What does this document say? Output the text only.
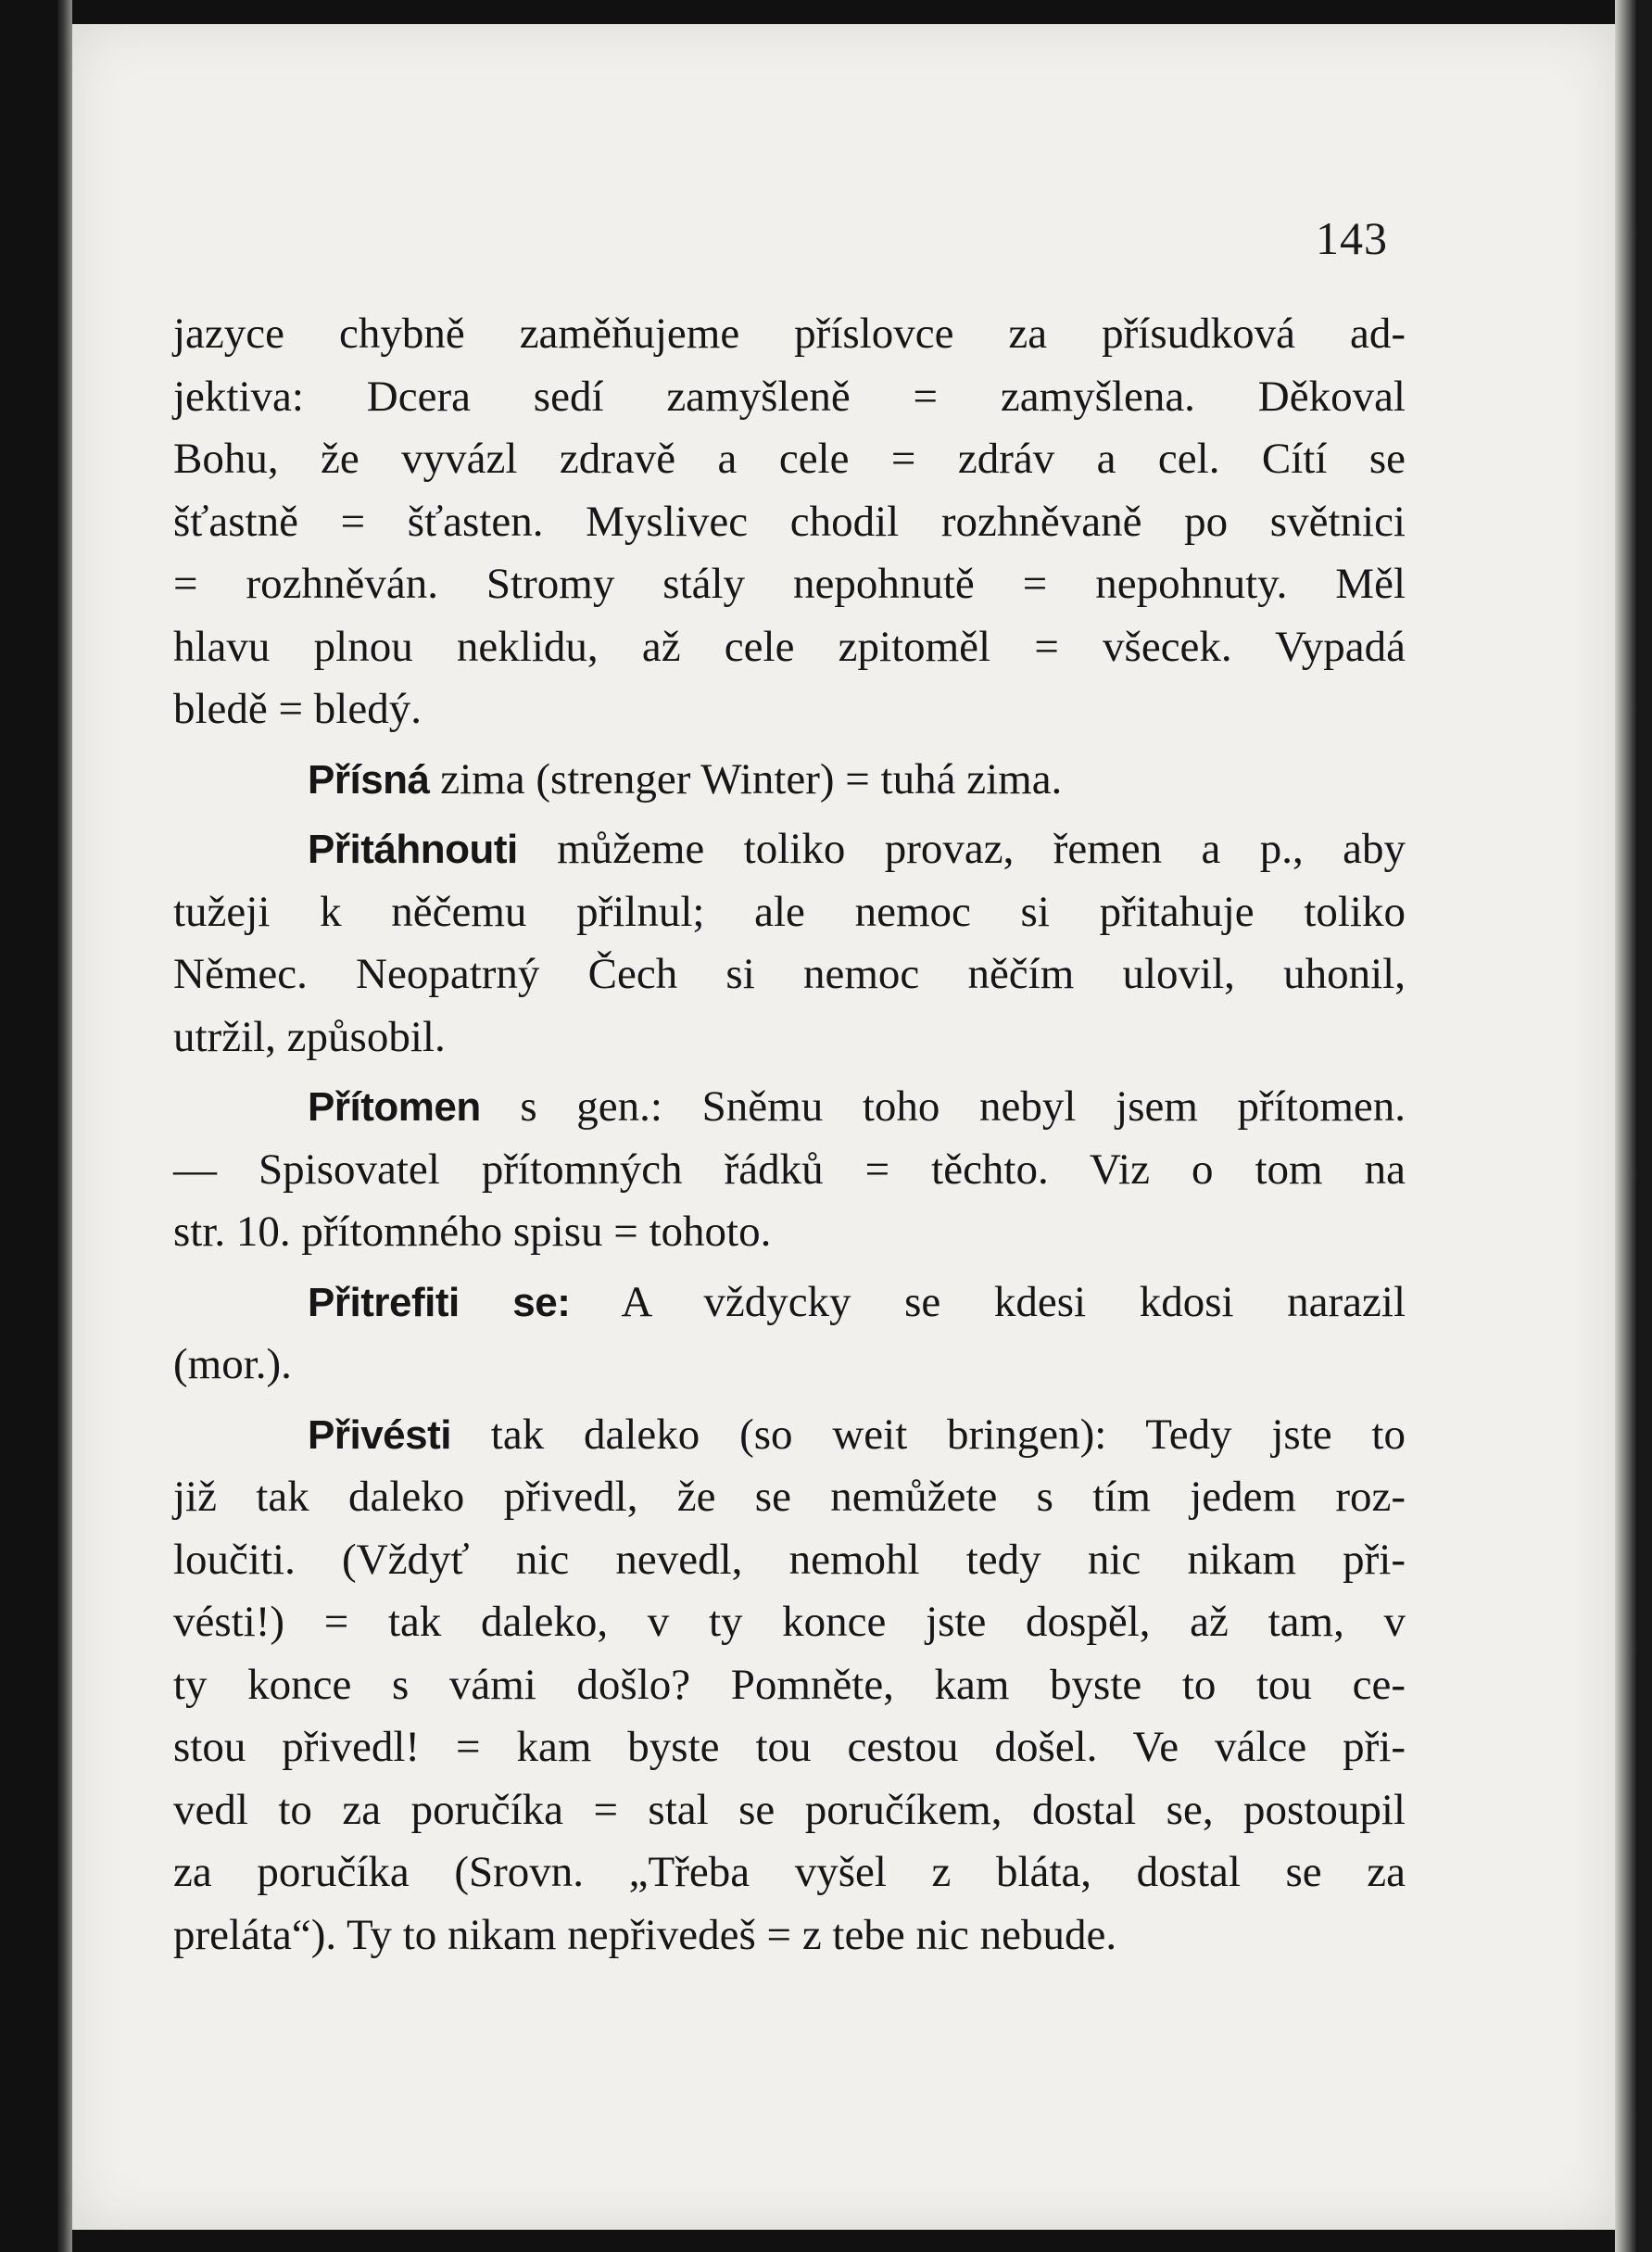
143

jazyce chybně zaměňujeme příslovce za přísudková ad-
jektiva: Dcera sedí zamyšleně = zamyšlena. Děkoval
Bohu, že vyvázl zdravě a cele = zdráv a cel. Cítí se
šťastně = šťasten. Myslivec chodil rozhněvaně po světnici
= rozhněván. Stromy stály nepohnutě = nepohnuty. Měl
hlavu plnou neklidu, až cele zpitoměl = všecek. Vypadá
bledě = bledý.

Přísná zima (strenger Winter) = tuhá zima.

Přitáhnouti můžeme toliko provaz, řemen a p., aby
tužeji k něčemu přilnul; ale nemoc si přitahuje toliko
Němec. Neopatrný Čech si nemoc něčím ulovil, uhonil,
utržil, způsobil.

Přítomen s gen.: Sněmu toho nebyl jsem přítomen.
— Spisovatel přítomných řádků = těchto. Viz o tom na
str. 10. přítomného spisu = tohoto.

Přitrefiti se: A vždycky se kdesi kdosi narazil
(mor.).

Přivésti tak daleko (so weit bringen): Tedy jste to
již tak daleko přivedl, že se nemůžete s tím jedem roz-
loučiti. (Vždyť nic nevedl, nemohl tedy nic nikam při-
vésti!) = tak daleko, v ty konce jste dospěl, až tam, v
ty konce s vámi došlo? Pomněte, kam byste to tou ce-
stou přivedl! = kam byste tou cestou došel. Ve válce při-
vedl to za poručíka = stal se poručíkem, dostal se, postoupil
za poručíka (Srovn. „Třeba vyšel z bláta, dostal se za
preláta“). Ty to nikam nepřivedeš = z tebe nic nebude.
